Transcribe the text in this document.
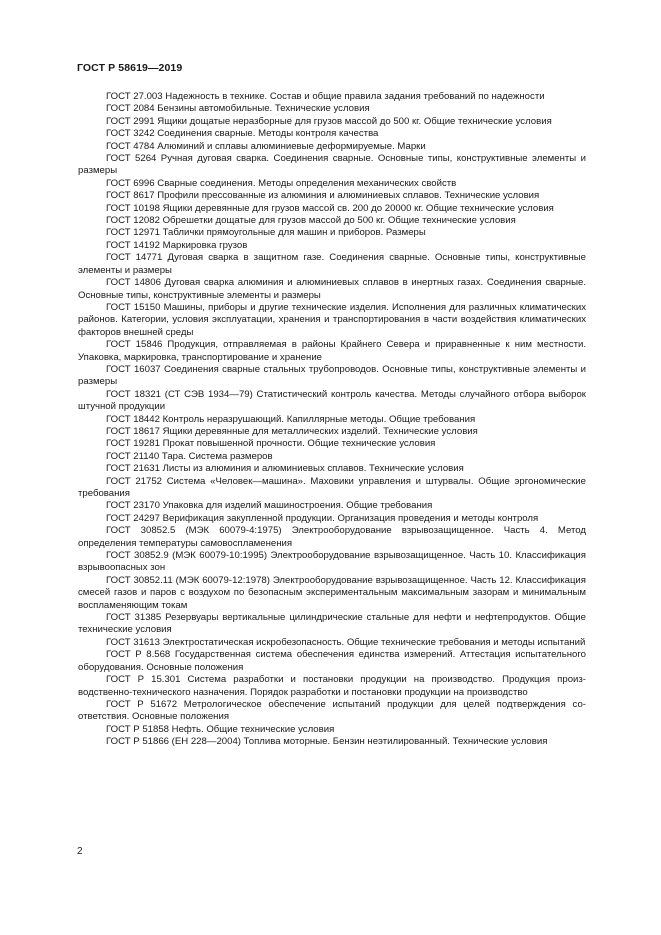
ГОСТ Р 58619—2019

ГОСТ 27.003 Надежность в технике. Состав и общие правила задания требований по надежности

ГОСТ 2084 Бензины автомобильные. Технические условия

ГОСТ 2991 Ящики дощатые неразборные для грузов массой до 500 кг. Общие технические условия

ГОСТ 3242 Соединения сварные. Методы контроля качества

ГОСТ 4784 Алюминий и сплавы алюминиевые деформируемые. Марки

ГОСТ 5264 Ручная дуговая сварка. Соединения сварные. Основные типы, конструктивные элементы и размеры

ГОСТ 6996 Сварные соединения. Методы определения механических свойств

ГОСТ 8617 Профили прессованные из алюминия и алюминиевых сплавов. Технические условия

ГОСТ 10198 Ящики деревянные для грузов массой св. 200 до 20000 кг. Общие технические условия

ГОСТ 12082 Обрешетки дощатые для грузов массой до 500 кг. Общие технические условия

ГОСТ 12971 Таблички прямоугольные для машин и приборов. Размеры

ГОСТ 14192 Маркировка грузов

ГОСТ 14771 Дуговая сварка в защитном газе. Соединения сварные. Основные типы, конструктивные элементы и размеры

ГОСТ 14806 Дуговая сварка алюминия и алюминиевых сплавов в инертных газах. Соединения сварные. Основные типы, конструктивные элементы и размеры

ГОСТ 15150 Машины, приборы и другие технические изделия. Исполнения для различных климатических районов. Категории, условия эксплуатации, хранения и транспортирования в части воздействия климатических факторов внешней среды

ГОСТ 15846 Продукция, отправляемая в районы Крайнего Севера и приравненные к ним местности. Упаковка, маркировка, транспортирование и хранение

ГОСТ 16037 Соединения сварные стальных трубопроводов. Основные типы, конструктивные элементы и размеры

ГОСТ 18321 (СТ СЭВ 1934—79) Статистический контроль качества. Методы случайного отбора выборок штучной продукции

ГОСТ 18442 Контроль неразрушающий. Капиллярные методы. Общие требования

ГОСТ 18617 Ящики деревянные для металлических изделий. Технические условия

ГОСТ 19281 Прокат повышенной прочности. Общие технические условия

ГОСТ 21140 Тара. Система размеров

ГОСТ 21631 Листы из алюминия и алюминиевых сплавов. Технические условия

ГОСТ 21752 Система «Человек—машина». Маховики управления и штурвалы. Общие эргономические требования

ГОСТ 23170 Упаковка для изделий машиностроения. Общие требования

ГОСТ 24297 Верификация закупленной продукции. Организация проведения и методы контроля

ГОСТ 30852.5 (МЭК 60079-4:1975) Электрооборудование взрывозащищенное. Часть 4. Метод определения температуры самовоспламенения

ГОСТ 30852.9 (МЭК 60079-10:1995) Электрооборудование взрывозащищенное. Часть 10. Классификация взрывоопасных зон

ГОСТ 30852.11 (МЭК 60079-12:1978) Электрооборудование взрывозащищенное. Часть 12. Классификация смесей газов и паров с воздухом по безопасным экспериментальным максимальным зазорам и минимальным воспламеняющим токам

ГОСТ 31385 Резервуары вертикальные цилиндрические стальные для нефти и нефтепродуктов. Общие технические условия

ГОСТ 31613 Электростатическая искробезопасность. Общие технические требования и методы испытаний

ГОСТ Р 8.568 Государственная система обеспечения единства измерений. Аттестация испытательного оборудования. Основные положения

ГОСТ Р 15.301 Система разработки и постановки продукции на производство. Продукция производственно-технического назначения. Порядок разработки и постановки продукции на производство

ГОСТ Р 51672 Метрологическое обеспечение испытаний продукции для целей подтверждения соответствия. Основные положения

ГОСТ Р 51858 Нефть. Общие технические условия

ГОСТ Р 51866 (ЕН 228—2004) Топлива моторные. Бензин неэтилированный. Технические условия

2
